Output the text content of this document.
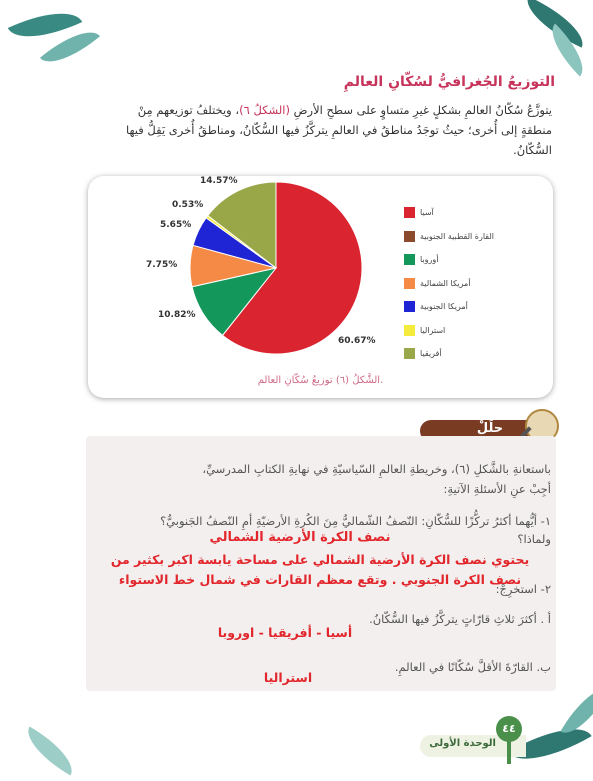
التوزيعُ الجُغرافيُّ لسُكّانِ العالمِ
يتوزَّعُ سُكّانُ العالمِ بشكلٍ غيرِ متساوٍ على سطحِ الأرضِ (الشكلُ ٦)، ويختلفُ توزيعهم مِنْ
منطقةٍ إلى أُخرى؛ حيثُ توجَدُ مناطقُ في العالمِ يتركَّزُ فيها السُّكّانُ، ومناطقُ أُخرى يَقِلُّ فيها
السُّكّانُ.
آسيا
القارة القطبية الجنوبية
أوروبا
أمريكا الشمالية
أمريكا الجنوبية
استراليا
أفريقيا
الشَّكلُ (٦) توزيعُ سُكّانِ العالم.
60.67%
10.82%
7.75%
5.65%
0.53%
14.57%
حلِّلْ
باستعانةِ بالشَّكلِ (٦)، وخريطةِ العالمِ السّياسيّةِ في نهايةِ الكتابِ المدرسيِّ،
أجِبْ عنِ الأسئلةِ الآتيةِ:
١- أيُّهما أكثرُ تركُّزًا للسُّكّانِ: النّصفُ الشّماليُّ مِنَ الكُرةِ الأرضيّةِ أمِ النّصفُ الجَنوبيُّ؟
ولماذا؟
نصف الكرة الأرضية الشمالي
يحتوي نصف الكرة الأرضية الشمالي على مساحة يابسة اكبر بكثير من
٢- استخرِجْ:
نصف الكرة الجنوبي . وتقع معظم القارات في شمال خط الاستواء
أ . أكثرَ ثلاثِ قارّاتٍ يتركَّزُ فيها السُّكّانُ.
أسيا - أفريقيا - اوروبا
ب. القارّةَ الأقلَّ سُكّانًا في العالمِ.
استراليا
الوحدة الأولى
٤٤
